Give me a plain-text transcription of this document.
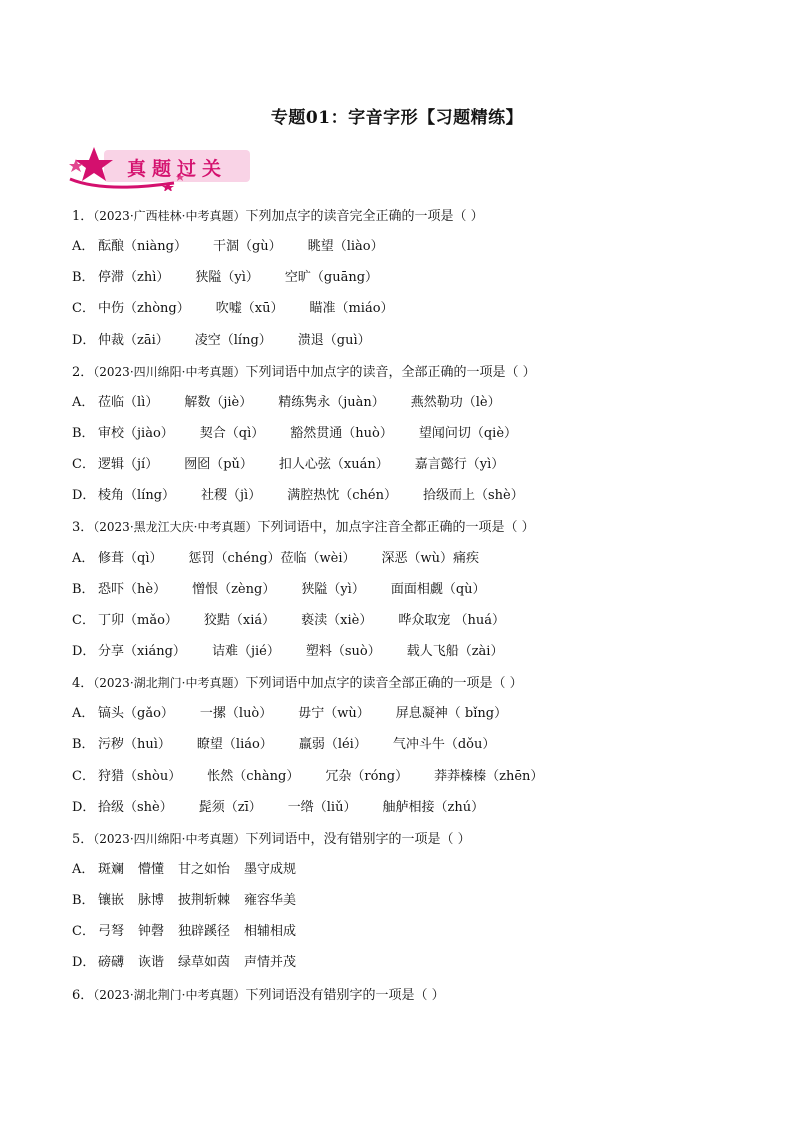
专题01：字音字形【习题精练】
真题过关
1．（2023·广西桂林·中考真题）下列加点字的读音完全正确的一项是（ ）
A． 酝酿（niàng） 干涸（gù） 眺望（liào）
B． 停滞（zhì） 狭隘（yì） 空旷（guāng）
C． 中伤（zhòng） 吹嘘（xū） 瞄准（miáo）
D． 仲裁（zāi） 凌空（líng） 溃退（guì）
2．（2023·四川绵阳·中考真题）下列词语中加点字的读音，全部正确的一项是（ ）
A． 莅临（lì） 解数（jiè） 精练隽永（juàn） 燕然勒功（lè）
B． 审校（jiào） 契合（qì） 豁然贯通（huò） 望闻问切（qiè）
C． 逻辑（jí） 囫囵（pǔ） 扣人心弦（xuán） 嘉言懿行（yì）
D． 棱角（líng） 社稷（jì） 满腔热忱（chén） 拾级而上（shè）
3．（2023·黑龙江大庆·中考真题）下列词语中，加点字注音全都正确的一项是（ ）
A． 修葺（qì） 惩罚（chéng）莅临（wèi） 深恶（wù）痛疾
B． 恐吓（hè） 憎恨（zèng） 狭隘（yì） 面面相觑（qù）
C． 丁卯（mǎo） 狡黠（xiá） 亵渎（xiè） 哗众取宠 （huá）
D． 分享（xiáng） 诘难（jié） 塑料（suò） 载人飞船（zài）
4．（2023·湖北荆门·中考真题）下列词语中加点字的读音全部正确的一项是（ ）
A． 镐头（gǎo） 一摞（luò） 毋宁（wù） 屏息凝神（ bǐng）
B． 污秽（huì） 瞭望（liáo） 羸弱（léi） 气冲斗牛（dǒu）
C． 狩猎（shòu） 怅然（chàng） 冗杂（róng） 莽莽榛榛（zhēn）
D． 拾级（shè） 髭须（zī） 一绺（liǔ） 舳舻相接（zhú）
5．（2023·四川绵阳·中考真题）下列词语中，没有错别字的一项是（ ）
A． 斑斓 懵懂 甘之如怡 墨守成规
B． 镶嵌 脉博 披荆斩棘 雍容华美
C． 弓弩 钟磬 独辟蹊径 相辅相成
D． 磅礴 诙谐 绿草如茵 声情并茂
6．（2023·湖北荆门·中考真题）下列词语没有错别字的一项是（ ）
